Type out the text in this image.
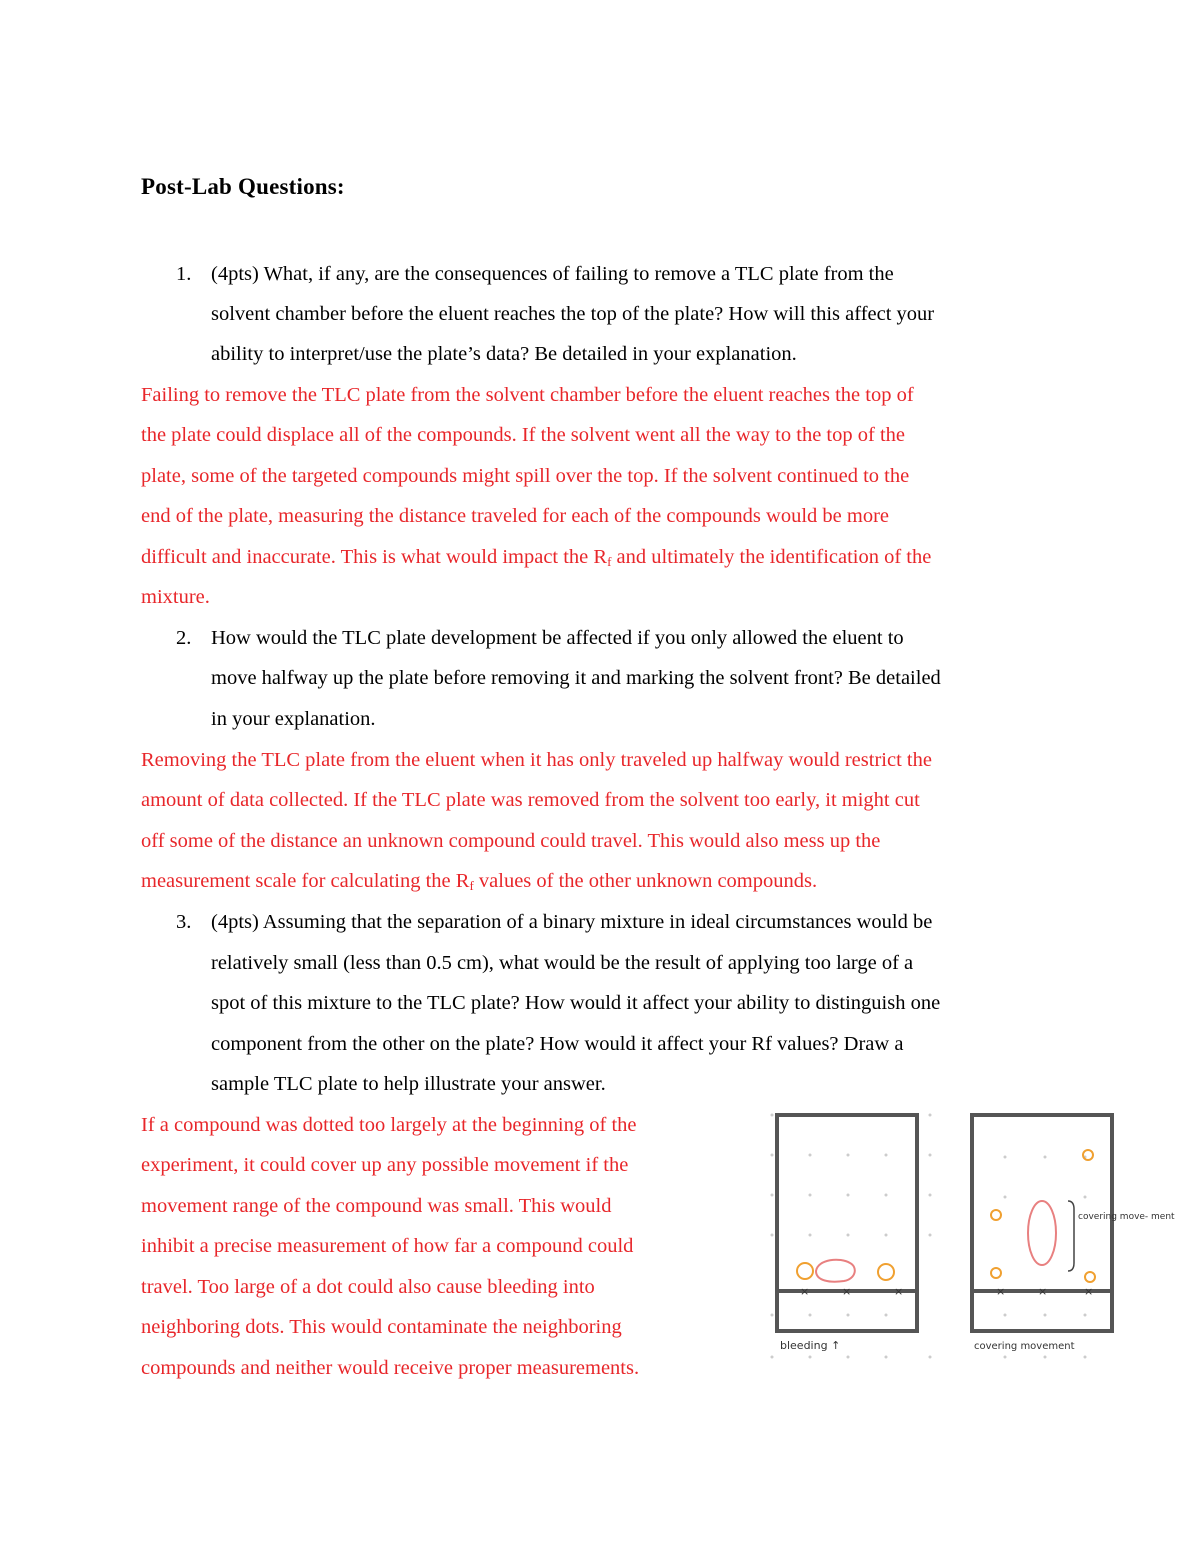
Post-Lab Questions:
1. (4pts) What, if any, are the consequences of failing to remove a TLC plate from the
solvent chamber before the eluent reaches the top of the plate? How will this affect your
ability to interpret/use the plate’s data? Be detailed in your explanation.
Failing to remove the TLC plate from the solvent chamber before the eluent reaches the top of
the plate could displace all of the compounds. If the solvent went all the way to the top of the
plate, some of the targeted compounds might spill over the top. If the solvent continued to the
end of the plate, measuring the distance traveled for each of the compounds would be more
difficult and inaccurate. This is what would impact the $R_f$ and ultimately the identification of the
mixture.
2. How would the TLC plate development be affected if you only allowed the eluent to
move halfway up the plate before removing it and marking the solvent front? Be detailed
in your explanation.
Removing the TLC plate from the eluent when it has only traveled up halfway would restrict the
amount of data collected. If the TLC plate was removed from the solvent too early, it might cut
off some of the distance an unknown compound could travel. This would also mess up the
measurement scale for calculating the $R_f$ values of the other unknown compounds.
3. (4pts) Assuming that the separation of a binary mixture in ideal circumstances would be
relatively small (less than 0.5 cm), what would be the result of applying too large of a
spot of this mixture to the TLC plate? How would it affect your ability to distinguish one
component from the other on the plate? How would it affect your Rf values? Draw a
sample TLC plate to help illustrate your answer.
If a compound was dotted too largely at the beginning of the
experiment, it could cover up any possible movement if the
movement range of the compound was small. This would
inhibit a precise measurement of how far a compound could
travel. Too large of a dot could also cause bleeding into
neighboring dots. This would contaminate the neighboring
compounds and neither would receive proper measurements.
×	×	×	×	×	×
covering move- ment
bleeding ↑	covering movement
